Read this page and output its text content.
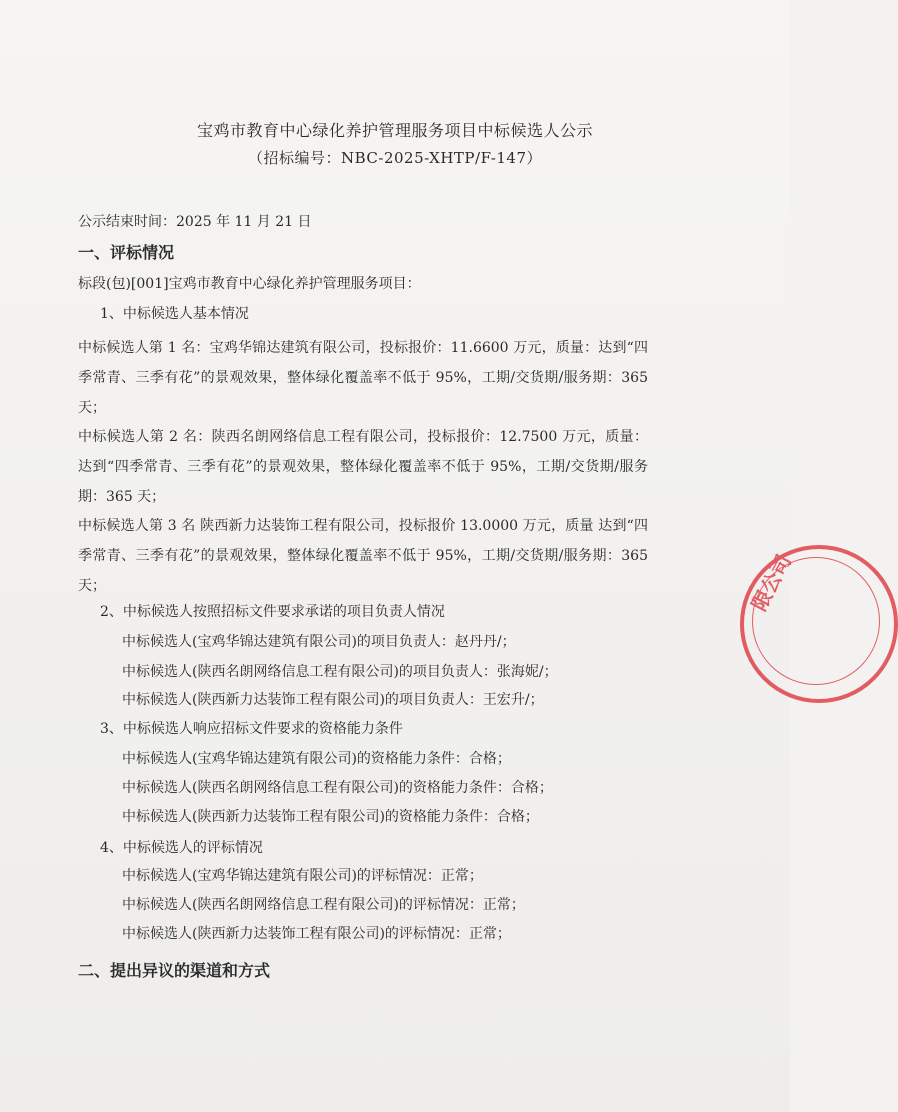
宝鸡市教育中心绿化养护管理服务项目中标候选人公示
（招标编号：NBC-2025-XHTP/F-147）
公示结束时间：2025 年 11 月 21 日
一、评标情况
标段(包)[001]宝鸡市教育中心绿化养护管理服务项目：
1、中标候选人基本情况
中标候选人第 1 名：宝鸡华锦达建筑有限公司，投标报价：11.6600 万元，质量：达到“四季常青、三季有花”的景观效果，整体绿化覆盖率不低于 95%，工期/交货期/服务期：365 天；
中标候选人第 2 名：陕西名朗网络信息工程有限公司，投标报价：12.7500 万元，质量：达到“四季常青、三季有花”的景观效果，整体绿化覆盖率不低于 95%，工期/交货期/服务期：365 天；
中标候选人第 3 名 陕西新力达装饰工程有限公司，投标报价 13.0000 万元，质量 达到“四季常青、三季有花”的景观效果，整体绿化覆盖率不低于 95%，工期/交货期/服务期：365 天；
2、中标候选人按照招标文件要求承诺的项目负责人情况
中标候选人(宝鸡华锦达建筑有限公司)的项目负责人：赵丹丹/；
中标候选人(陕西名朗网络信息工程有限公司)的项目负责人：张海妮/；
中标候选人(陕西新力达装饰工程有限公司)的项目负责人：王宏升/；
3、中标候选人响应招标文件要求的资格能力条件
中标候选人(宝鸡华锦达建筑有限公司)的资格能力条件：合格；
中标候选人(陕西名朗网络信息工程有限公司)的资格能力条件：合格；
中标候选人(陕西新力达装饰工程有限公司)的资格能力条件：合格；
4、中标候选人的评标情况
中标候选人(宝鸡华锦达建筑有限公司)的评标情况：正常；
中标候选人(陕西名朗网络信息工程有限公司)的评标情况：正常；
中标候选人(陕西新力达装饰工程有限公司)的评标情况：正常；
二、提出异议的渠道和方式
限公司
